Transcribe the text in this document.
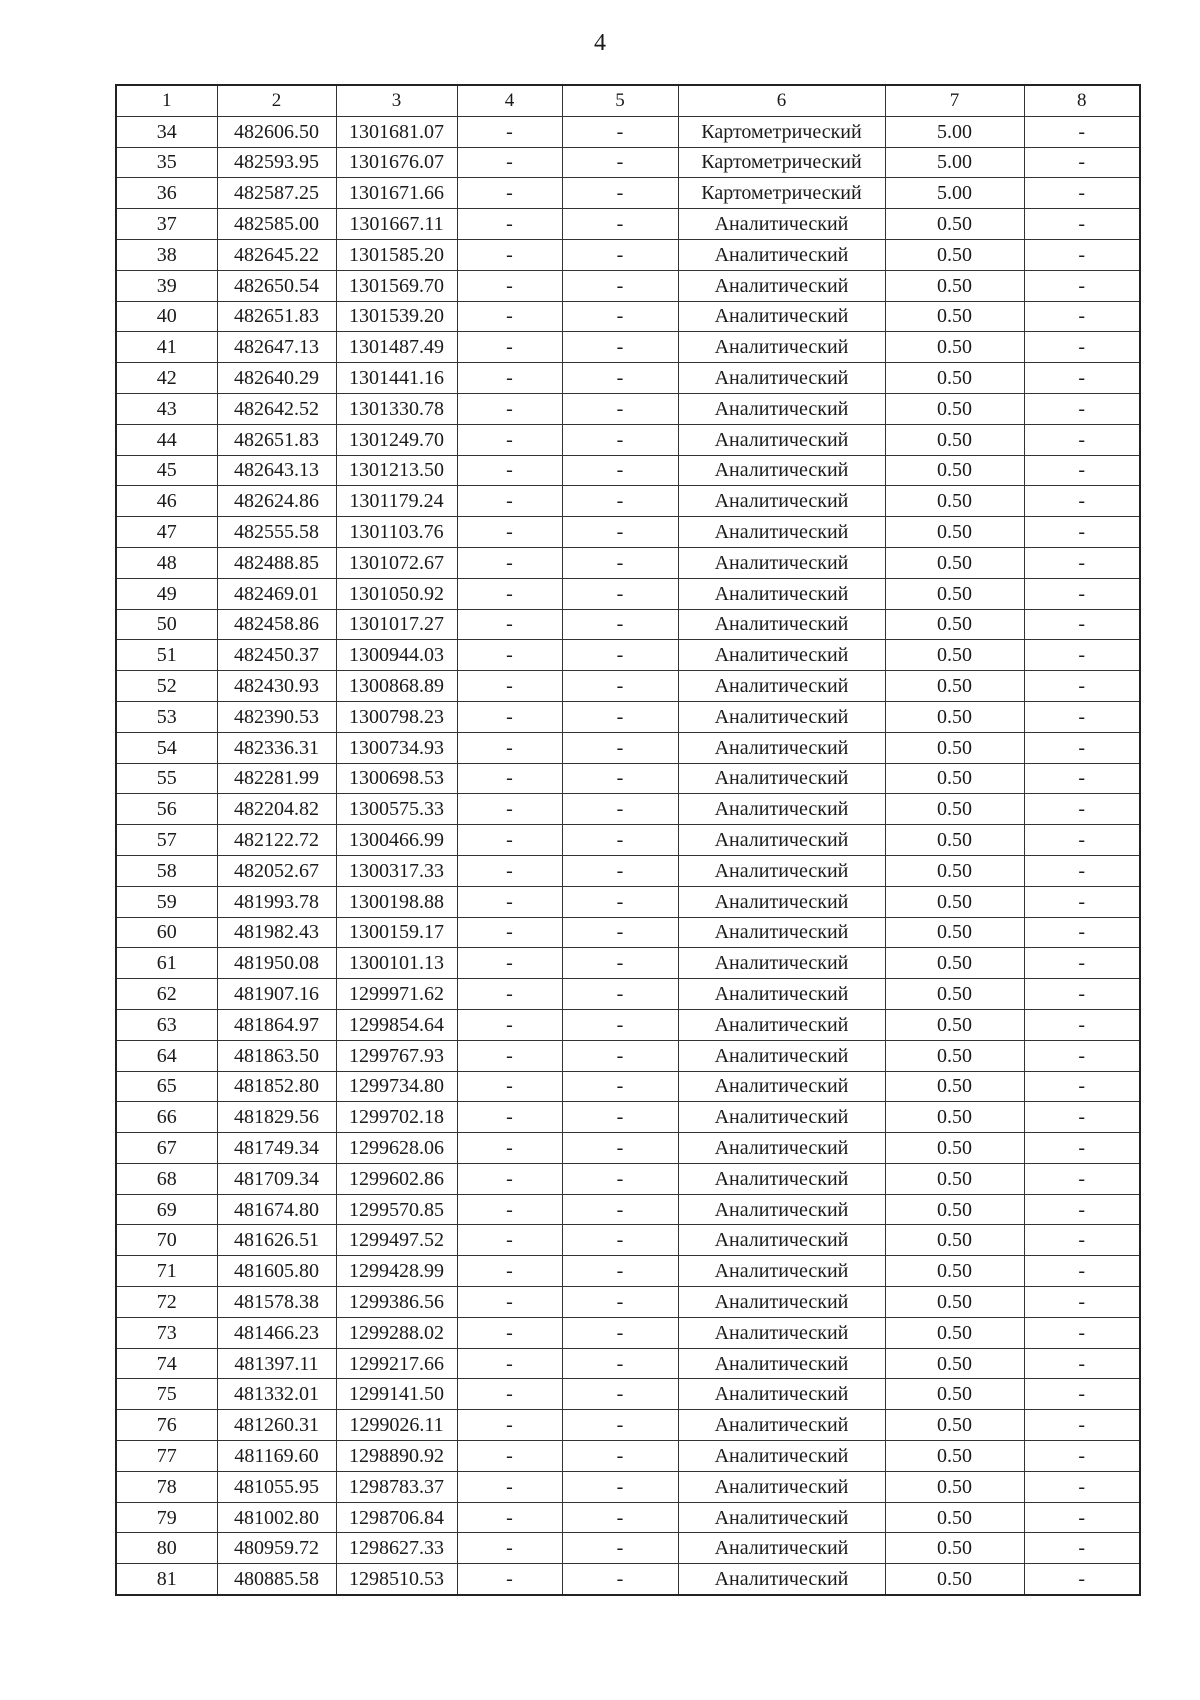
4
1	2	3	4	5	6	7	8
34	482606.50	1301681.07	-	-	Картометрический	5.00	-
35	482593.95	1301676.07	-	-	Картометрический	5.00	-
36	482587.25	1301671.66	-	-	Картометрический	5.00	-
37	482585.00	1301667.11	-	-	Аналитический	0.50	-
38	482645.22	1301585.20	-	-	Аналитический	0.50	-
39	482650.54	1301569.70	-	-	Аналитический	0.50	-
40	482651.83	1301539.20	-	-	Аналитический	0.50	-
41	482647.13	1301487.49	-	-	Аналитический	0.50	-
42	482640.29	1301441.16	-	-	Аналитический	0.50	-
43	482642.52	1301330.78	-	-	Аналитический	0.50	-
44	482651.83	1301249.70	-	-	Аналитический	0.50	-
45	482643.13	1301213.50	-	-	Аналитический	0.50	-
46	482624.86	1301179.24	-	-	Аналитический	0.50	-
47	482555.58	1301103.76	-	-	Аналитический	0.50	-
48	482488.85	1301072.67	-	-	Аналитический	0.50	-
49	482469.01	1301050.92	-	-	Аналитический	0.50	-
50	482458.86	1301017.27	-	-	Аналитический	0.50	-
51	482450.37	1300944.03	-	-	Аналитический	0.50	-
52	482430.93	1300868.89	-	-	Аналитический	0.50	-
53	482390.53	1300798.23	-	-	Аналитический	0.50	-
54	482336.31	1300734.93	-	-	Аналитический	0.50	-
55	482281.99	1300698.53	-	-	Аналитический	0.50	-
56	482204.82	1300575.33	-	-	Аналитический	0.50	-
57	482122.72	1300466.99	-	-	Аналитический	0.50	-
58	482052.67	1300317.33	-	-	Аналитический	0.50	-
59	481993.78	1300198.88	-	-	Аналитический	0.50	-
60	481982.43	1300159.17	-	-	Аналитический	0.50	-
61	481950.08	1300101.13	-	-	Аналитический	0.50	-
62	481907.16	1299971.62	-	-	Аналитический	0.50	-
63	481864.97	1299854.64	-	-	Аналитический	0.50	-
64	481863.50	1299767.93	-	-	Аналитический	0.50	-
65	481852.80	1299734.80	-	-	Аналитический	0.50	-
66	481829.56	1299702.18	-	-	Аналитический	0.50	-
67	481749.34	1299628.06	-	-	Аналитический	0.50	-
68	481709.34	1299602.86	-	-	Аналитический	0.50	-
69	481674.80	1299570.85	-	-	Аналитический	0.50	-
70	481626.51	1299497.52	-	-	Аналитический	0.50	-
71	481605.80	1299428.99	-	-	Аналитический	0.50	-
72	481578.38	1299386.56	-	-	Аналитический	0.50	-
73	481466.23	1299288.02	-	-	Аналитический	0.50	-
74	481397.11	1299217.66	-	-	Аналитический	0.50	-
75	481332.01	1299141.50	-	-	Аналитический	0.50	-
76	481260.31	1299026.11	-	-	Аналитический	0.50	-
77	481169.60	1298890.92	-	-	Аналитический	0.50	-
78	481055.95	1298783.37	-	-	Аналитический	0.50	-
79	481002.80	1298706.84	-	-	Аналитический	0.50	-
80	480959.72	1298627.33	-	-	Аналитический	0.50	-
81	480885.58	1298510.53	-	-	Аналитический	0.50	-
